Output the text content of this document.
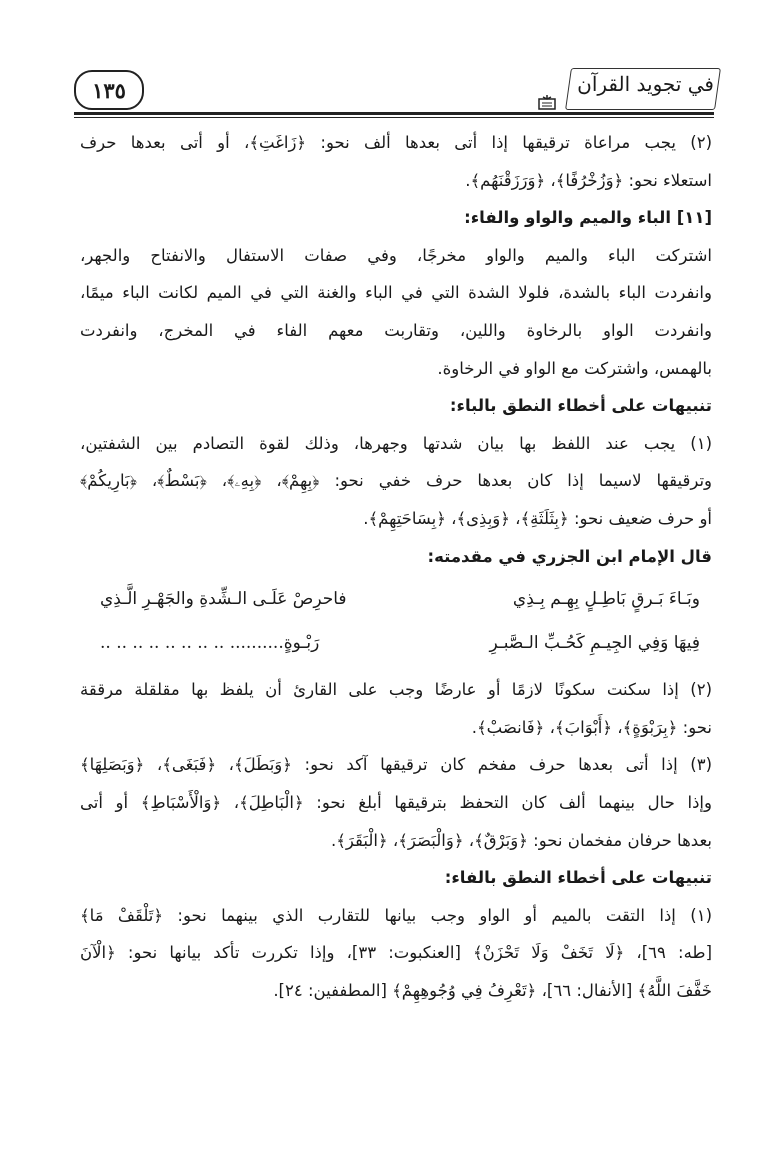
١٣٥	في تجويد القرآن
(٢) يجب مراعاة ترقيقها إذا أتى بعدها ألف نحو: ﴿زَاغَتِ﴾، أو أتى بعدها حرف
استعلاء نحو: ﴿وَزُخْرُفًا﴾، ﴿وَرَزَقْنَهُم﴾.
[١١] الباء والميم والواو والفاء:
اشتركت الباء والميم والواو مخرجًا، وفي صفات الاستفال والانفتاح والجهر،
وانفردت الباء بالشدة، فلولا الشدة التي في الباء والغنة التي في الميم لكانت الباء ميمًا،
وانفردت الواو بالرخاوة واللين، وتقاربت معهم الفاء في المخرج، وانفردت
بالهمس، واشتركت مع الواو في الرخاوة.
تنبيهات على أخطاء النطق بالباء:
(١) يجب عند اللفظ بها بيان شدتها وجهرها، وذلك لقوة التصادم بين الشفتين،
وترقيقها لاسيما إذا كان بعدها حرف خفي نحو: ﴿بِهِمْ﴾، ﴿بِهِۦ﴾، ﴿بَسْطٌ﴾، ﴿بَارِيكُمْ﴾
أو حرف ضعيف نحو: ﴿بِثَلَثَةِ﴾، ﴿وَبِذِى﴾، ﴿بِسَاحَتِهِمْ﴾.
قال الإمام ابن الجزري في مقدمته:
وبَـاءَ بَـرقٍ بَاطِـلٍ بِهِـم بِـذِي
فاحرِصْ عَلَـى الـشِّدةِ والجَهْـرِ الَّـذِي
فِيهَا وَفِي الجِيـمِ كَحُـبِّ الـصَّبـرِ
رَبْـوةٍ.......... .. .. .. .. .. .. .. ..
(٢) إذا سكنت سكونًا لازمًا أو عارضًا وجب على القارئ أن يلفظ بها مقلقلة مرققة
نحو: ﴿بِرَبْوَةٍ﴾، ﴿أَبْوَابَ﴾، ﴿فَانصَبْ﴾.
(٣) إذا أتى بعدها حرف مفخم كان ترقيقها آكد نحو: ﴿وَبَطَلَ﴾، ﴿فَبَغَى﴾، ﴿وَبَصَلِهَا﴾
وإذا حال بينهما ألف كان التحفظ بترقيقها أبلغ نحو: ﴿الْبَاطِلَ﴾، ﴿وَالْأَسْبَاطِ﴾ أو أتى
بعدها حرفان مفخمان نحو: ﴿وَبَرْقٌ﴾، ﴿وَالْبَصَرَ﴾، ﴿الْبَقَرَ﴾.
تنبيهات على أخطاء النطق بالفاء:
(١) إذا التقت بالميم أو الواو وجب بيانها للتقارب الذي بينهما نحو: ﴿تَلْقَفْ مَا﴾
[طه: ٦٩]، ﴿لَا تَخَفْ وَلَا تَحْزَنْ﴾ [العنكبوت: ٣٣]، وإذا تكررت تأكد بيانها نحو: ﴿الْآنَ
خَفَّفَ اللَّهُ﴾ [الأنفال: ٦٦]، ﴿تَعْرِفُ فِي وُجُوهِهِمْ﴾ [المطففين: ٢٤].
